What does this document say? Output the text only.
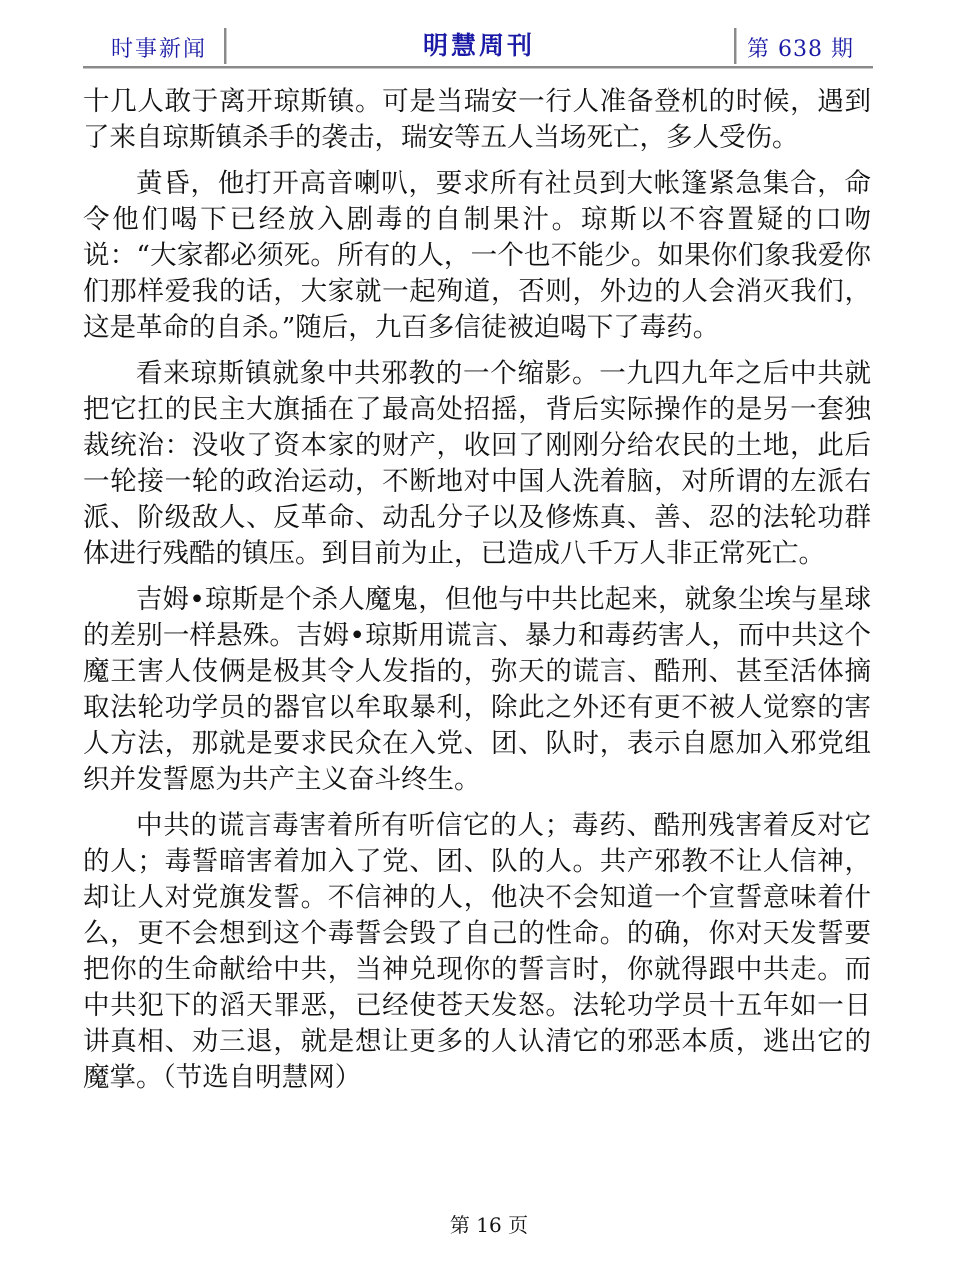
时事新闻	明慧周刊	第 638 期

十几人敢于离开琼斯镇。可是当瑞安一行人准备登机的时候，遇到了来自琼斯镇杀手的袭击，瑞安等五人当场死亡，多人受伤。

黄昏，他打开高音喇叭，要求所有社员到大帐篷紧急集合，命令他们喝下已经放入剧毒的自制果汁。琼斯以不容置疑的口吻说：“大家都必须死。所有的人，一个也不能少。如果你们象我爱你们那样爱我的话，大家就一起殉道，否则，外边的人会消灭我们，这是革命的自杀。”随后，九百多信徒被迫喝下了毒药。

看来琼斯镇就象中共邪教的一个缩影。一九四九年之后中共就把它扛的民主大旗插在了最高处招摇，背后实际操作的是另一套独裁统治：没收了资本家的财产，收回了刚刚分给农民的土地，此后一轮接一轮的政治运动，不断地对中国人洗着脑，对所谓的左派右派、阶级敌人、反革命、动乱分子以及修炼真、善、忍的法轮功群体进行残酷的镇压。到目前为止，已造成八千万人非正常死亡。

吉姆•琼斯是个杀人魔鬼，但他与中共比起来，就象尘埃与星球的差别一样悬殊。吉姆•琼斯用谎言、暴力和毒药害人，而中共这个魔王害人伎俩是极其令人发指的，弥天的谎言、酷刑、甚至活体摘取法轮功学员的器官以牟取暴利，除此之外还有更不被人觉察的害人方法，那就是要求民众在入党、团、队时，表示自愿加入邪党组织并发誓愿为共产主义奋斗终生。

中共的谎言毒害着所有听信它的人；毒药、酷刑残害着反对它的人；毒誓暗害着加入了党、团、队的人。共产邪教不让人信神，却让人对党旗发誓。不信神的人，他决不会知道一个宣誓意味着什么，更不会想到这个毒誓会毁了自己的性命。的确，你对天发誓要把你的生命献给中共，当神兑现你的誓言时，你就得跟中共走。而中共犯下的滔天罪恶，已经使苍天发怒。法轮功学员十五年如一日讲真相、劝三退，就是想让更多的人认清它的邪恶本质，逃出它的魔掌。（节选自明慧网）

第 16 页
